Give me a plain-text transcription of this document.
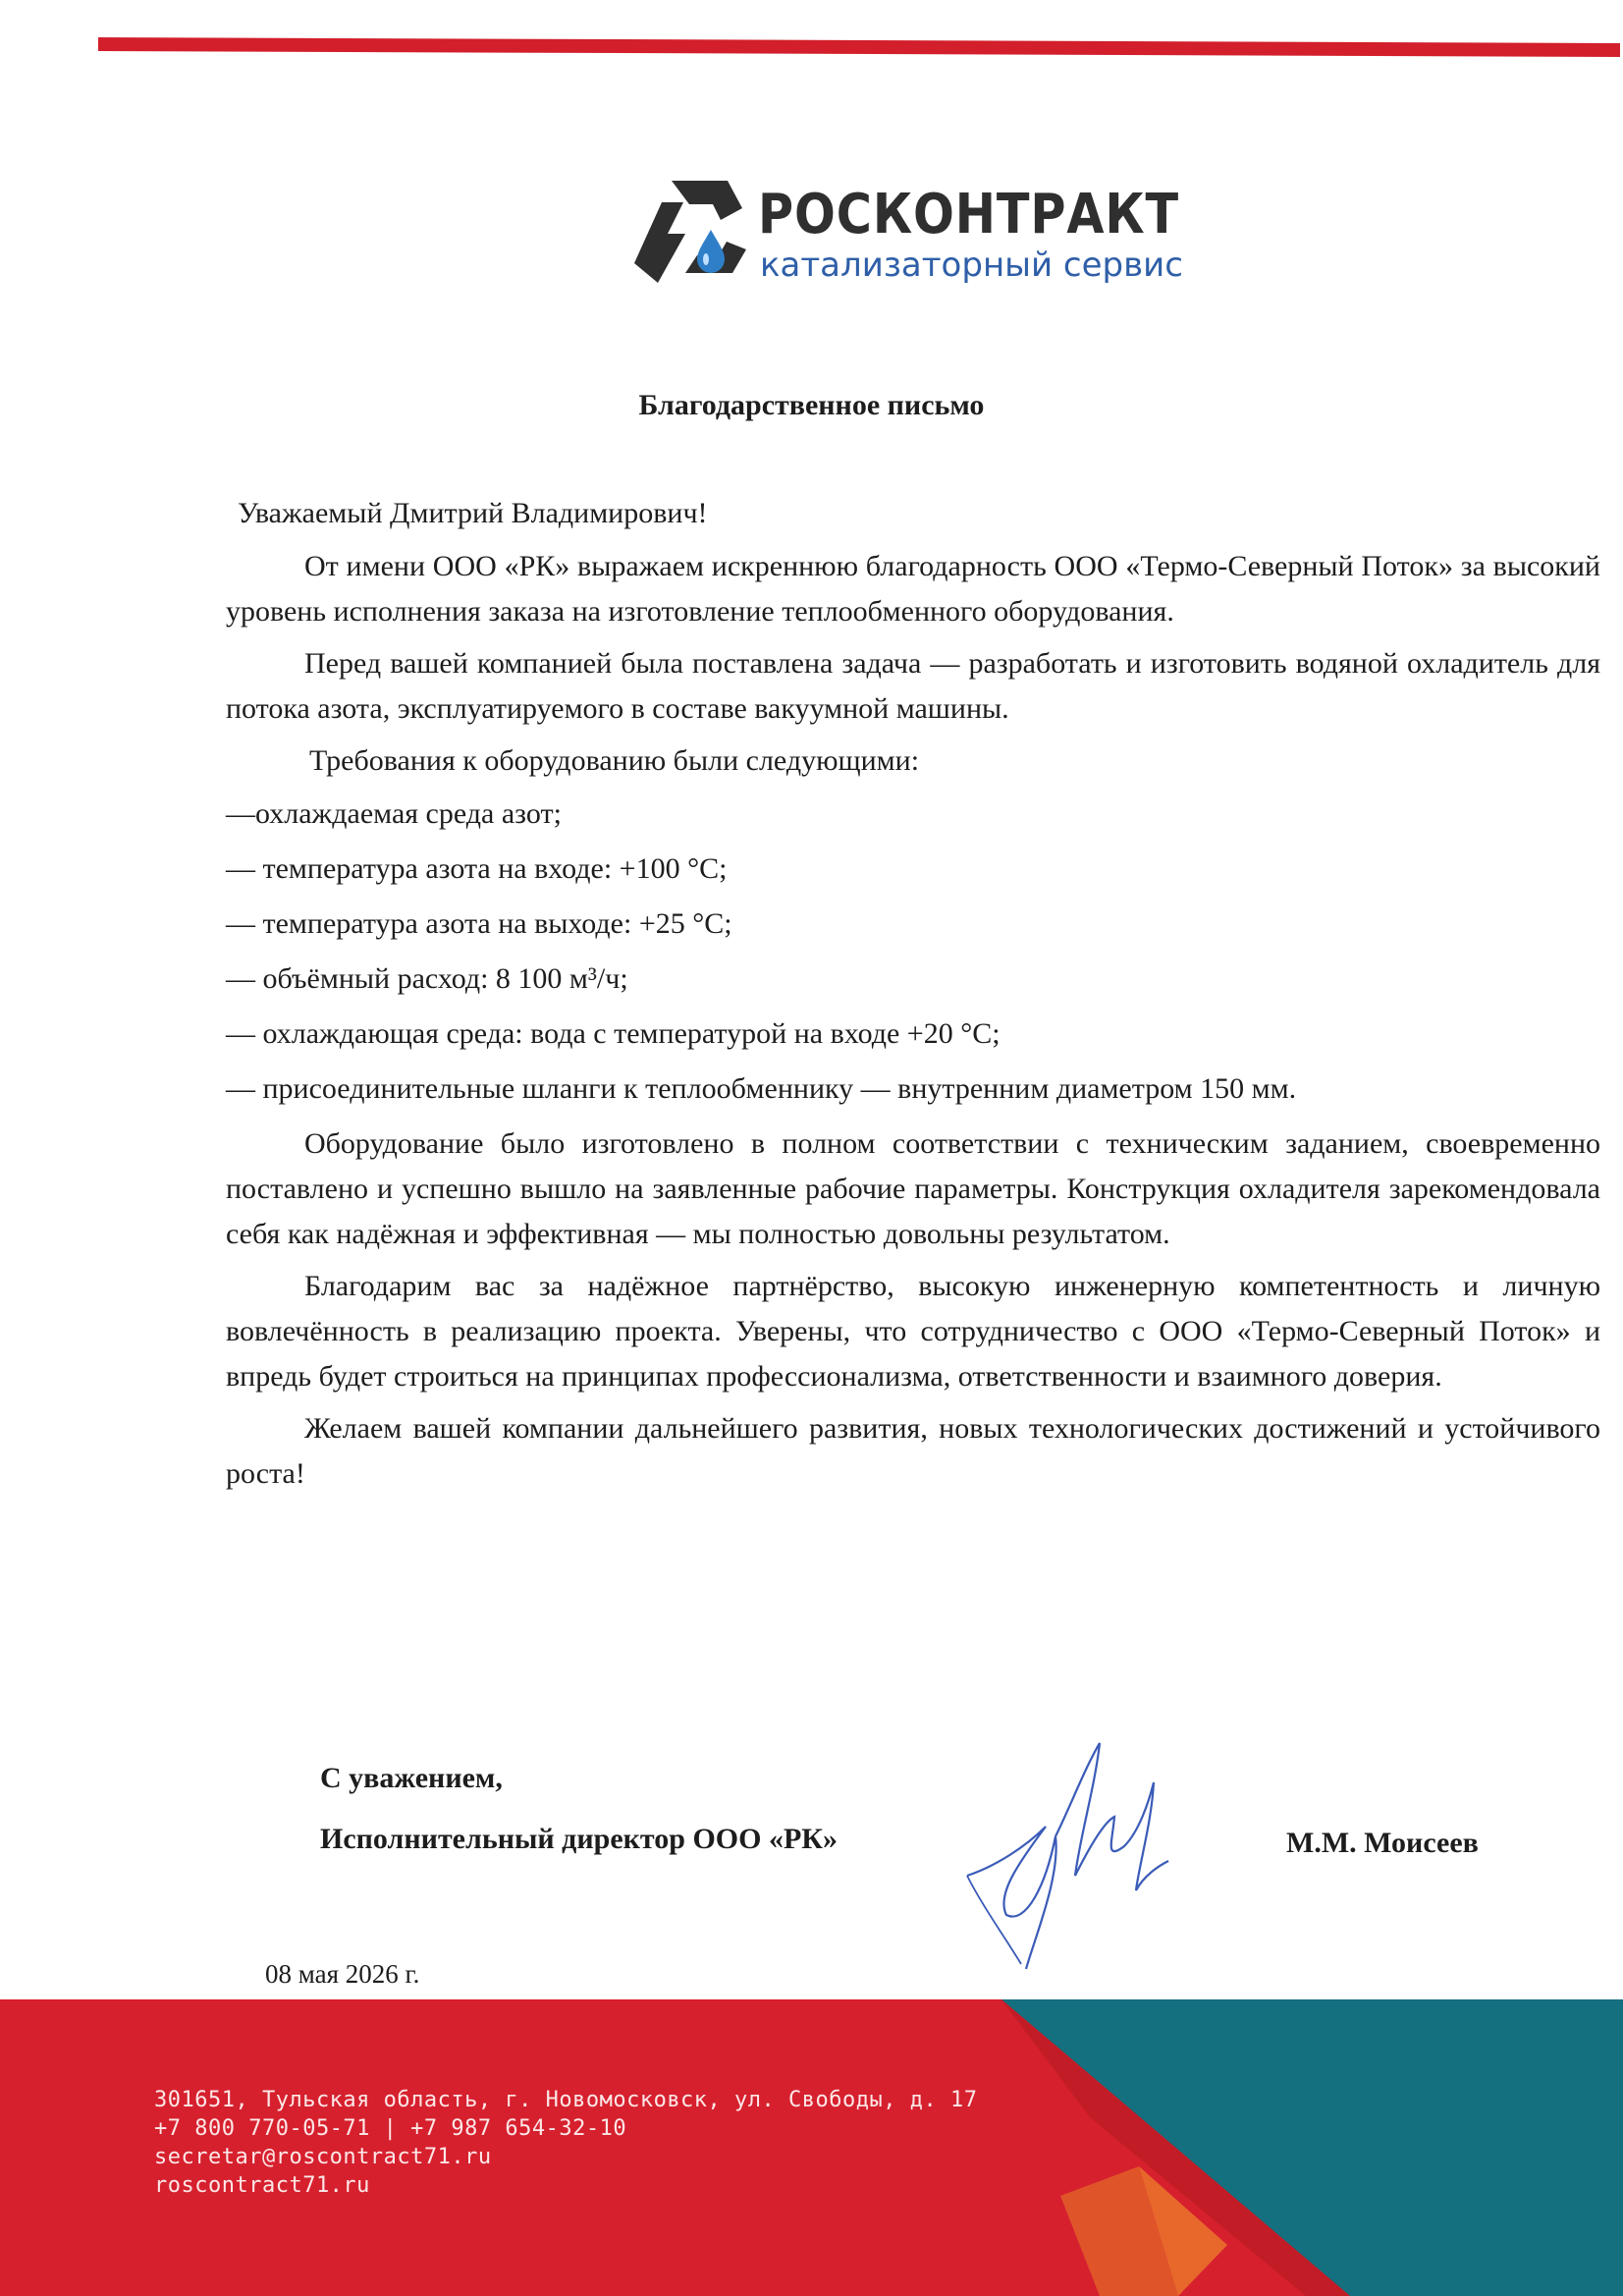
РОСКОНТРАКТ
катализаторный сервис
Благодарственное письмо
Уважаемый Дмитрий Владимирович!
От имени ООО «РК» выражаем искреннюю благодарность ООО «Термо-Северный Поток» за высокий уровень исполнения заказа на изготовление теплообменного оборудования.
Перед вашей компанией была поставлена задача — разработать и изготовить водяной охладитель для потока азота, эксплуатируемого в составе вакуумной машины.
Требования к оборудованию были следующими:
—охлаждаемая среда азот;
— температура азота на входе: +100 °С;
— температура азота на выходе: +25 °С;
— объёмный расход: 8 100 м³/ч;
— охлаждающая среда: вода с температурой на входе +20 °С;
— присоединительные шланги к теплообменнику — внутренним диаметром 150 мм.
Оборудование было изготовлено в полном соответствии с техническим заданием, своевременно поставлено и успешно вышло на заявленные рабочие параметры. Конструкция охладителя зарекомендовала себя как надёжная и эффективная — мы полностью довольны результатом.
Благодарим вас за надёжное партнёрство, высокую инженерную компетентность и личную вовлечённость в реализацию проекта. Уверены, что сотрудничество с ООО «Термо-Северный Поток» и впредь будет строиться на принципах профессионализма, ответственности и взаимного доверия.
Желаем вашей компании дальнейшего развития, новых технологических достижений и устойчивого роста!
С уважением,
Исполнительный директор ООО «РК»	М.М. Моисеев
08 мая 2026 г.
301651, Тульская область, г. Новомосковск, ул. Свободы, д. 17
+7 800 770-05-71 | +7 987 654-32-10
secretar@roscontract71.ru
roscontract71.ru
